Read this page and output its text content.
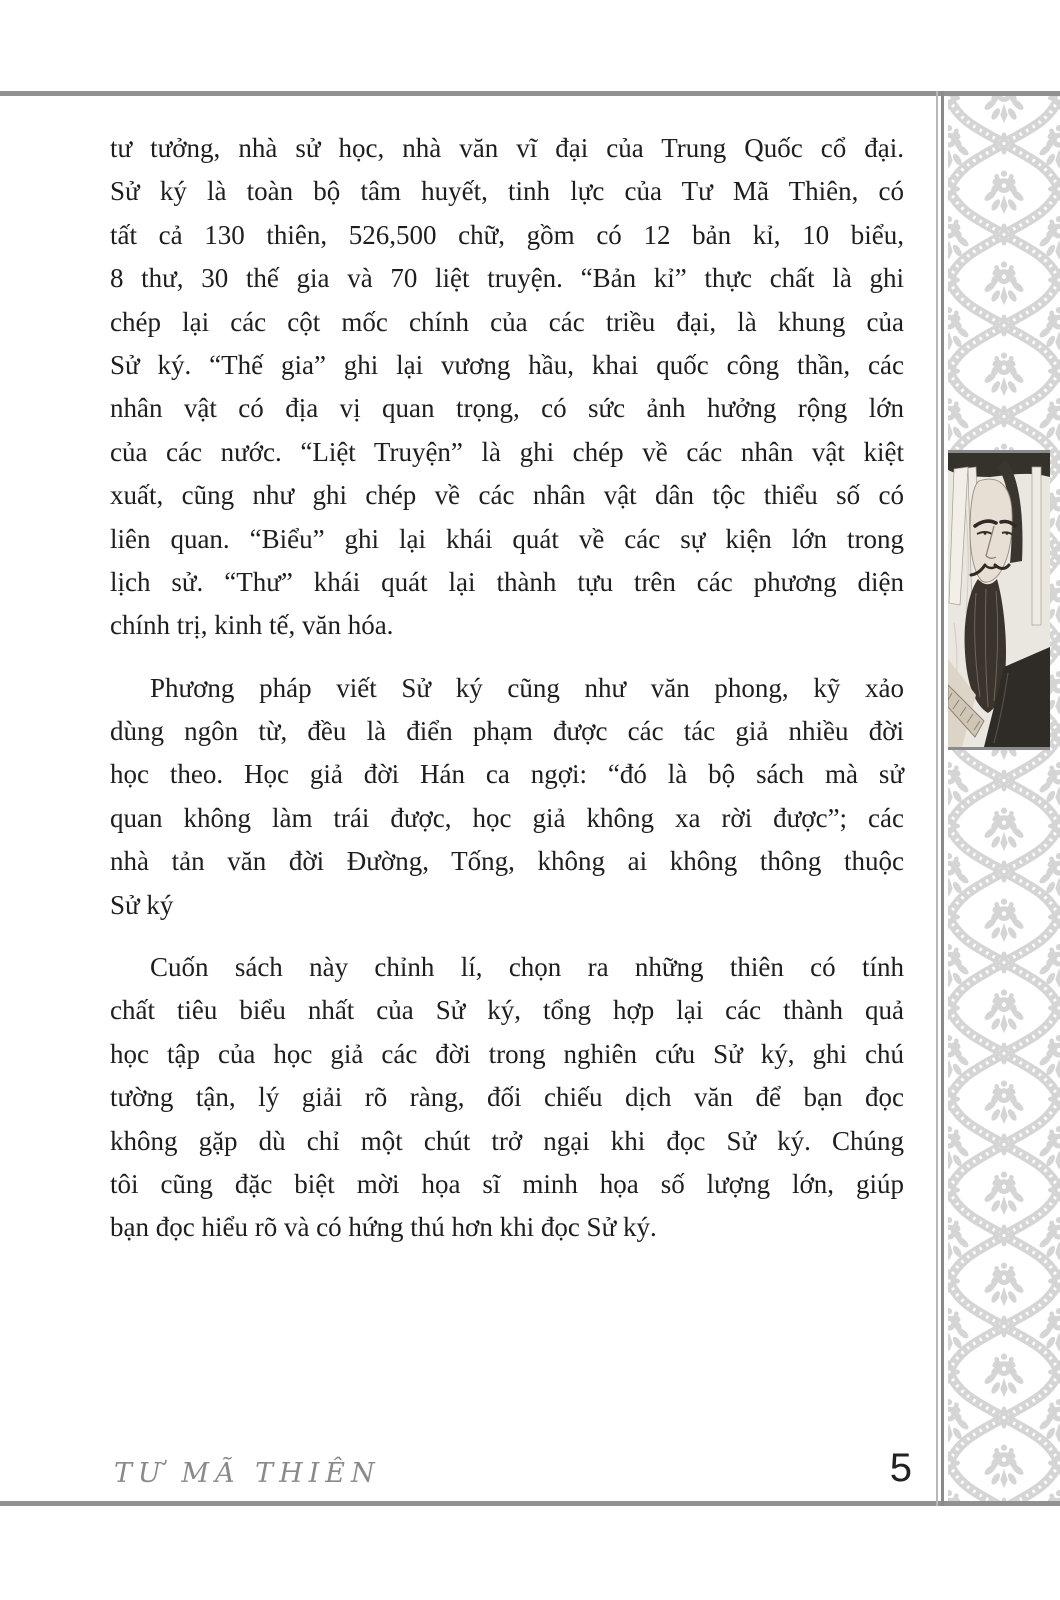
tư tưởng, nhà sử học, nhà văn vĩ đại của Trung Quốc cổ đại.
Sử ký là toàn bộ tâm huyết, tinh lực của Tư Mã Thiên, có
tất cả 130 thiên, 526,500 chữ, gồm có 12 bản kỉ, 10 biểu,
8 thư, 30 thế gia và 70 liệt truyện. “Bản kỉ” thực chất là ghi
chép lại các cột mốc chính của các triều đại, là khung của
Sử ký. “Thế gia” ghi lại vương hầu, khai quốc công thần, các
nhân vật có địa vị quan trọng, có sức ảnh hưởng rộng lớn
của các nước. “Liệt Truyện” là ghi chép về các nhân vật kiệt
xuất, cũng như ghi chép về các nhân vật dân tộc thiểu số có
liên quan. “Biểu” ghi lại khái quát về các sự kiện lớn trong
lịch sử. “Thư” khái quát lại thành tựu trên các phương diện
chính trị, kinh tế, văn hóa.
Phương pháp viết Sử ký cũng như văn phong, kỹ xảo
dùng ngôn từ, đều là điển phạm được các tác giả nhiều đời
học theo. Học giả đời Hán ca ngợi: “đó là bộ sách mà sử
quan không làm trái được, học giả không xa rời được”; các
nhà tản văn đời Đường, Tống, không ai không thông thuộc
Sử ký
Cuốn sách này chỉnh lí, chọn ra những thiên có tính
chất tiêu biểu nhất của Sử ký, tổng hợp lại các thành quả
học tập của học giả các đời trong nghiên cứu Sử ký, ghi chú
tường tận, lý giải rõ ràng, đối chiếu dịch văn để bạn đọc
không gặp dù chỉ một chút trở ngại khi đọc Sử ký. Chúng
tôi cũng đặc biệt mời họa sĩ minh họa số lượng lớn, giúp
bạn đọc hiểu rõ và có hứng thú hơn khi đọc Sử ký.
TƯ MÃ THIÊN	5
